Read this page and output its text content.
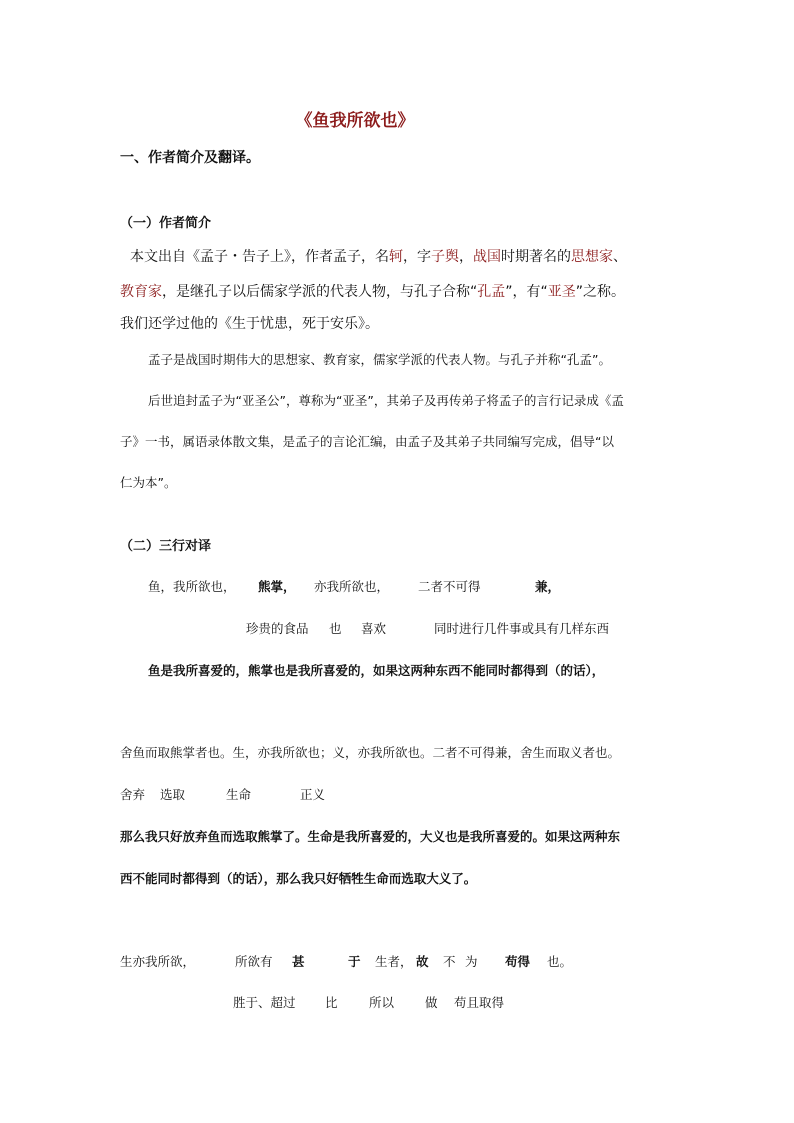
《鱼我所欲也》
一、作者简介及翻译。
（一）作者简介
本文出自《孟子・告子上》，作者孟子，名轲，字子舆，战国时期著名的思想家、
教育家，是继孔子以后儒家学派的代表人物，与孔子合称“孔孟”，有“亚圣”之称。
我们还学过他的《生于忧患，死于安乐》。
孟子是战国时期伟大的思想家、教育家，儒家学派的代表人物。与孔子并称“孔孟”。
后世追封孟子为“亚圣公”，尊称为“亚圣”，其弟子及再传弟子将孟子的言行记录成《孟
子》一书，属语录体散文集，是孟子的言论汇编，由孟子及其弟子共同编写完成，倡导“以
仁为本”。
（二）三行对译
鱼，我所欲也， 熊掌， 亦我所欲也， 二者不可得	兼，
珍贵的食品 也 喜欢	同时进行几件事或具有几样东西
鱼是我所喜爱的，熊掌也是我所喜爱的，如果这两种东西不能同时都得到（的话），
舍鱼而取熊掌者也。生，亦我所欲也；义，亦我所欲也。二者不可得兼，舍生而取义者也。
舍弃 选取	生命	正义
那么我只好放弃鱼而选取熊掌了。生命是我所喜爱的，大义也是我所喜爱的。如果这两种东
西不能同时都得到（的话），那么我只好牺牲生命而选取大义了。
生亦我所欲，	所欲有 甚	于 生者， 故 不 为 苟得 也。
胜于、超过 比	所以 做 苟且取得
